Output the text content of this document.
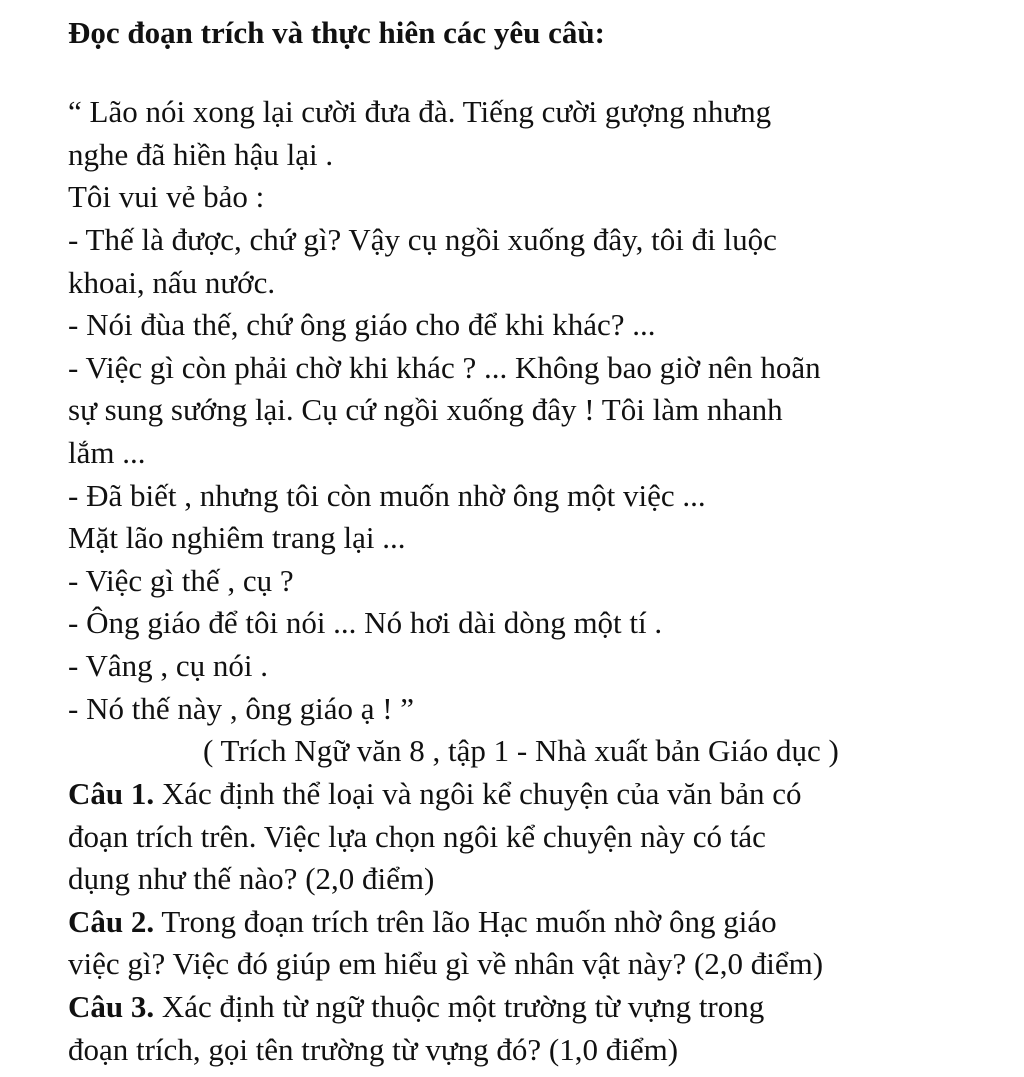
Đọc đoạn trích và thực hiên các yêu câù:
“ Lão nói xong lại cười đưa đà. Tiếng cười gượng nhưng
nghe đã hiền hậu lại .
Tôi vui vẻ bảo :
- Thế là được, chứ gì? Vậy cụ ngồi xuống đây, tôi đi luộc
khoai, nấu nước.
- Nói đùa thế, chứ ông giáo cho để khi khác? ...
- Việc gì còn phải chờ khi khác ? ... Không bao giờ nên hoãn
sự sung sướng lại. Cụ cứ ngồi xuống đây ! Tôi làm nhanh
lắm ...
- Đã biết , nhưng tôi còn muốn nhờ ông một việc ...
Mặt lão nghiêm trang lại ...
- Việc gì thế , cụ ?
- Ông giáo để tôi nói ... Nó hơi dài dòng một tí .
- Vâng , cụ nói .
- Nó thế này , ông giáo ạ ! ”
( Trích Ngữ văn 8 , tập 1 - Nhà xuất bản Giáo dục )
Câu 1. Xác định thể loại và ngôi kể chuyện của văn bản có
đoạn trích trên. Việc lựa chọn ngôi kể chuyện này có tác
dụng như thế nào? (2,0 điểm)
Câu 2. Trong đoạn trích trên lão Hạc muốn nhờ ông giáo
việc gì? Việc đó giúp em hiểu gì về nhân vật này? (2,0 điểm)
Câu 3. Xác định từ ngữ thuộc một trường từ vựng trong
đoạn trích, gọi tên trường từ vựng đó? (1,0 điểm)
